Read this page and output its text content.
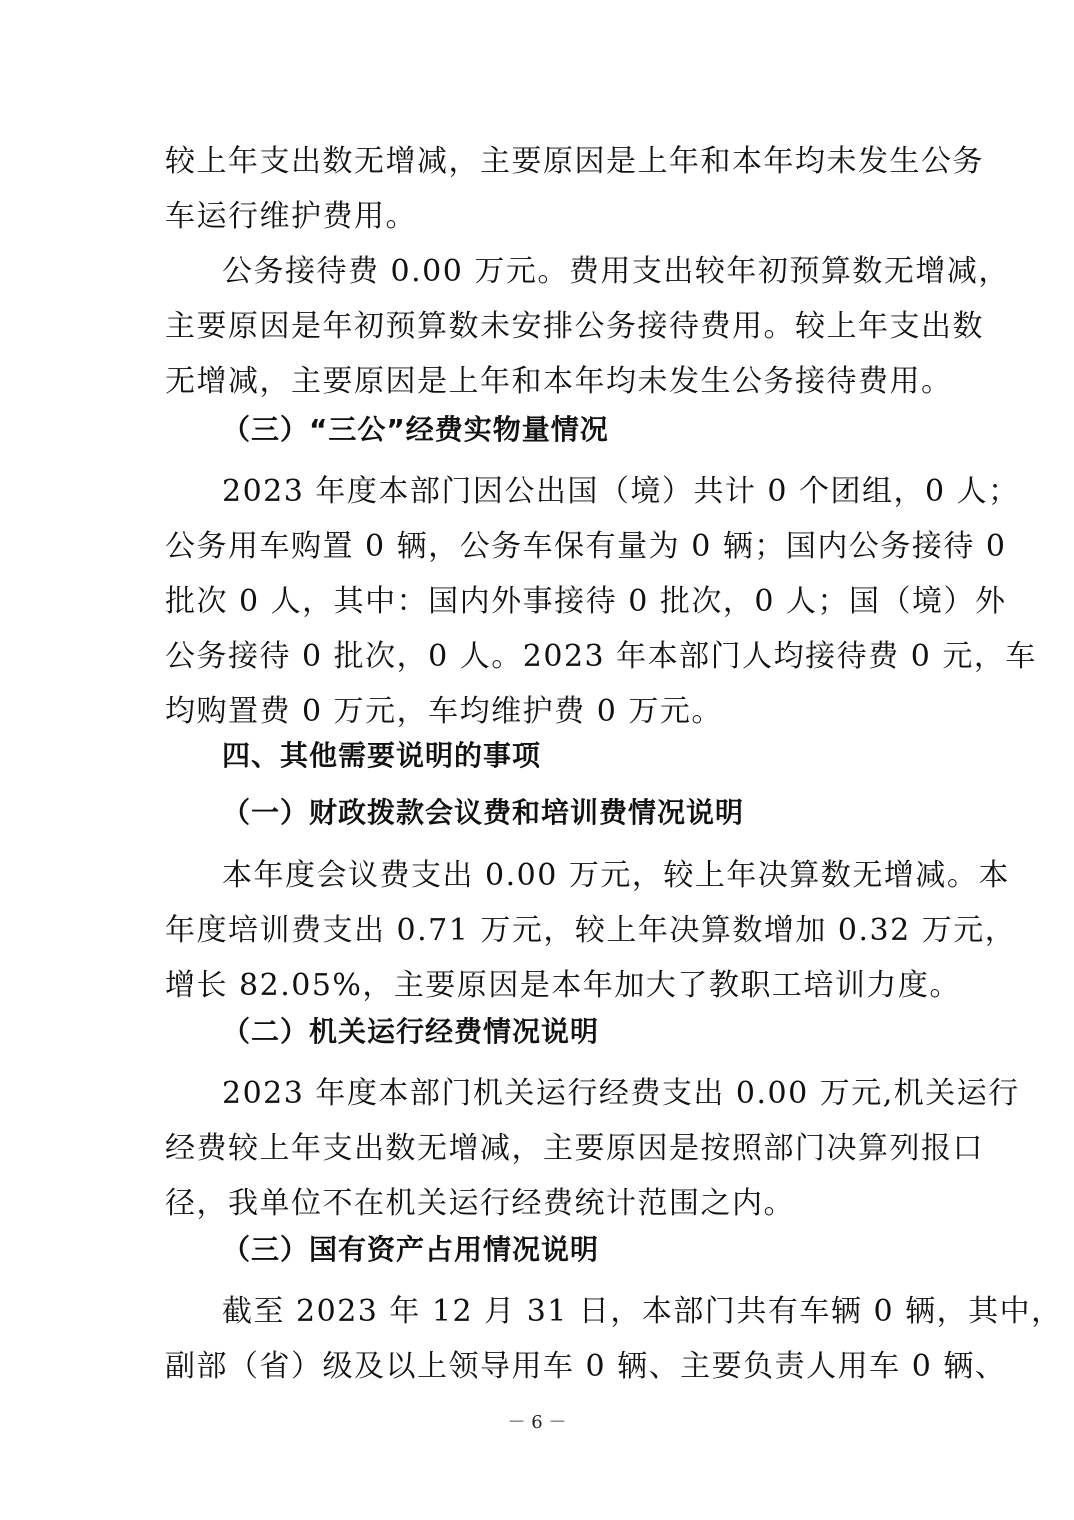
较上年支出数无增减，主要原因是上年和本年均未发生公务
车运行维护费用。
公务接待费 0.00 万元。费用支出较年初预算数无增减，
主要原因是年初预算数未安排公务接待费用。较上年支出数
无增减，主要原因是上年和本年均未发生公务接待费用。
（三）“三公”经费实物量情况
2023 年度本部门因公出国（境）共计 0 个团组，0 人；
公务用车购置 0 辆，公务车保有量为 0 辆；国内公务接待 0
批次 0 人，其中：国内外事接待 0 批次，0 人；国（境）外
公务接待 0 批次，0 人。2023 年本部门人均接待费 0 元，车
均购置费 0 万元，车均维护费 0 万元。
四、其他需要说明的事项
（一）财政拨款会议费和培训费情况说明
本年度会议费支出 0.00 万元，较上年决算数无增减。本
年度培训费支出 0.71 万元，较上年决算数增加 0.32 万元，
增长 82.05%，主要原因是本年加大了教职工培训力度。
（二）机关运行经费情况说明
2023 年度本部门机关运行经费支出 0.00 万元,机关运行
经费较上年支出数无增减，主要原因是按照部门决算列报口
径，我单位不在机关运行经费统计范围之内。
（三）国有资产占用情况说明
截至 2023 年 12 月 31 日，本部门共有车辆 0 辆，其中，
副部（省）级及以上领导用车 0 辆、主要负责人用车 0 辆、
－ 6 －
